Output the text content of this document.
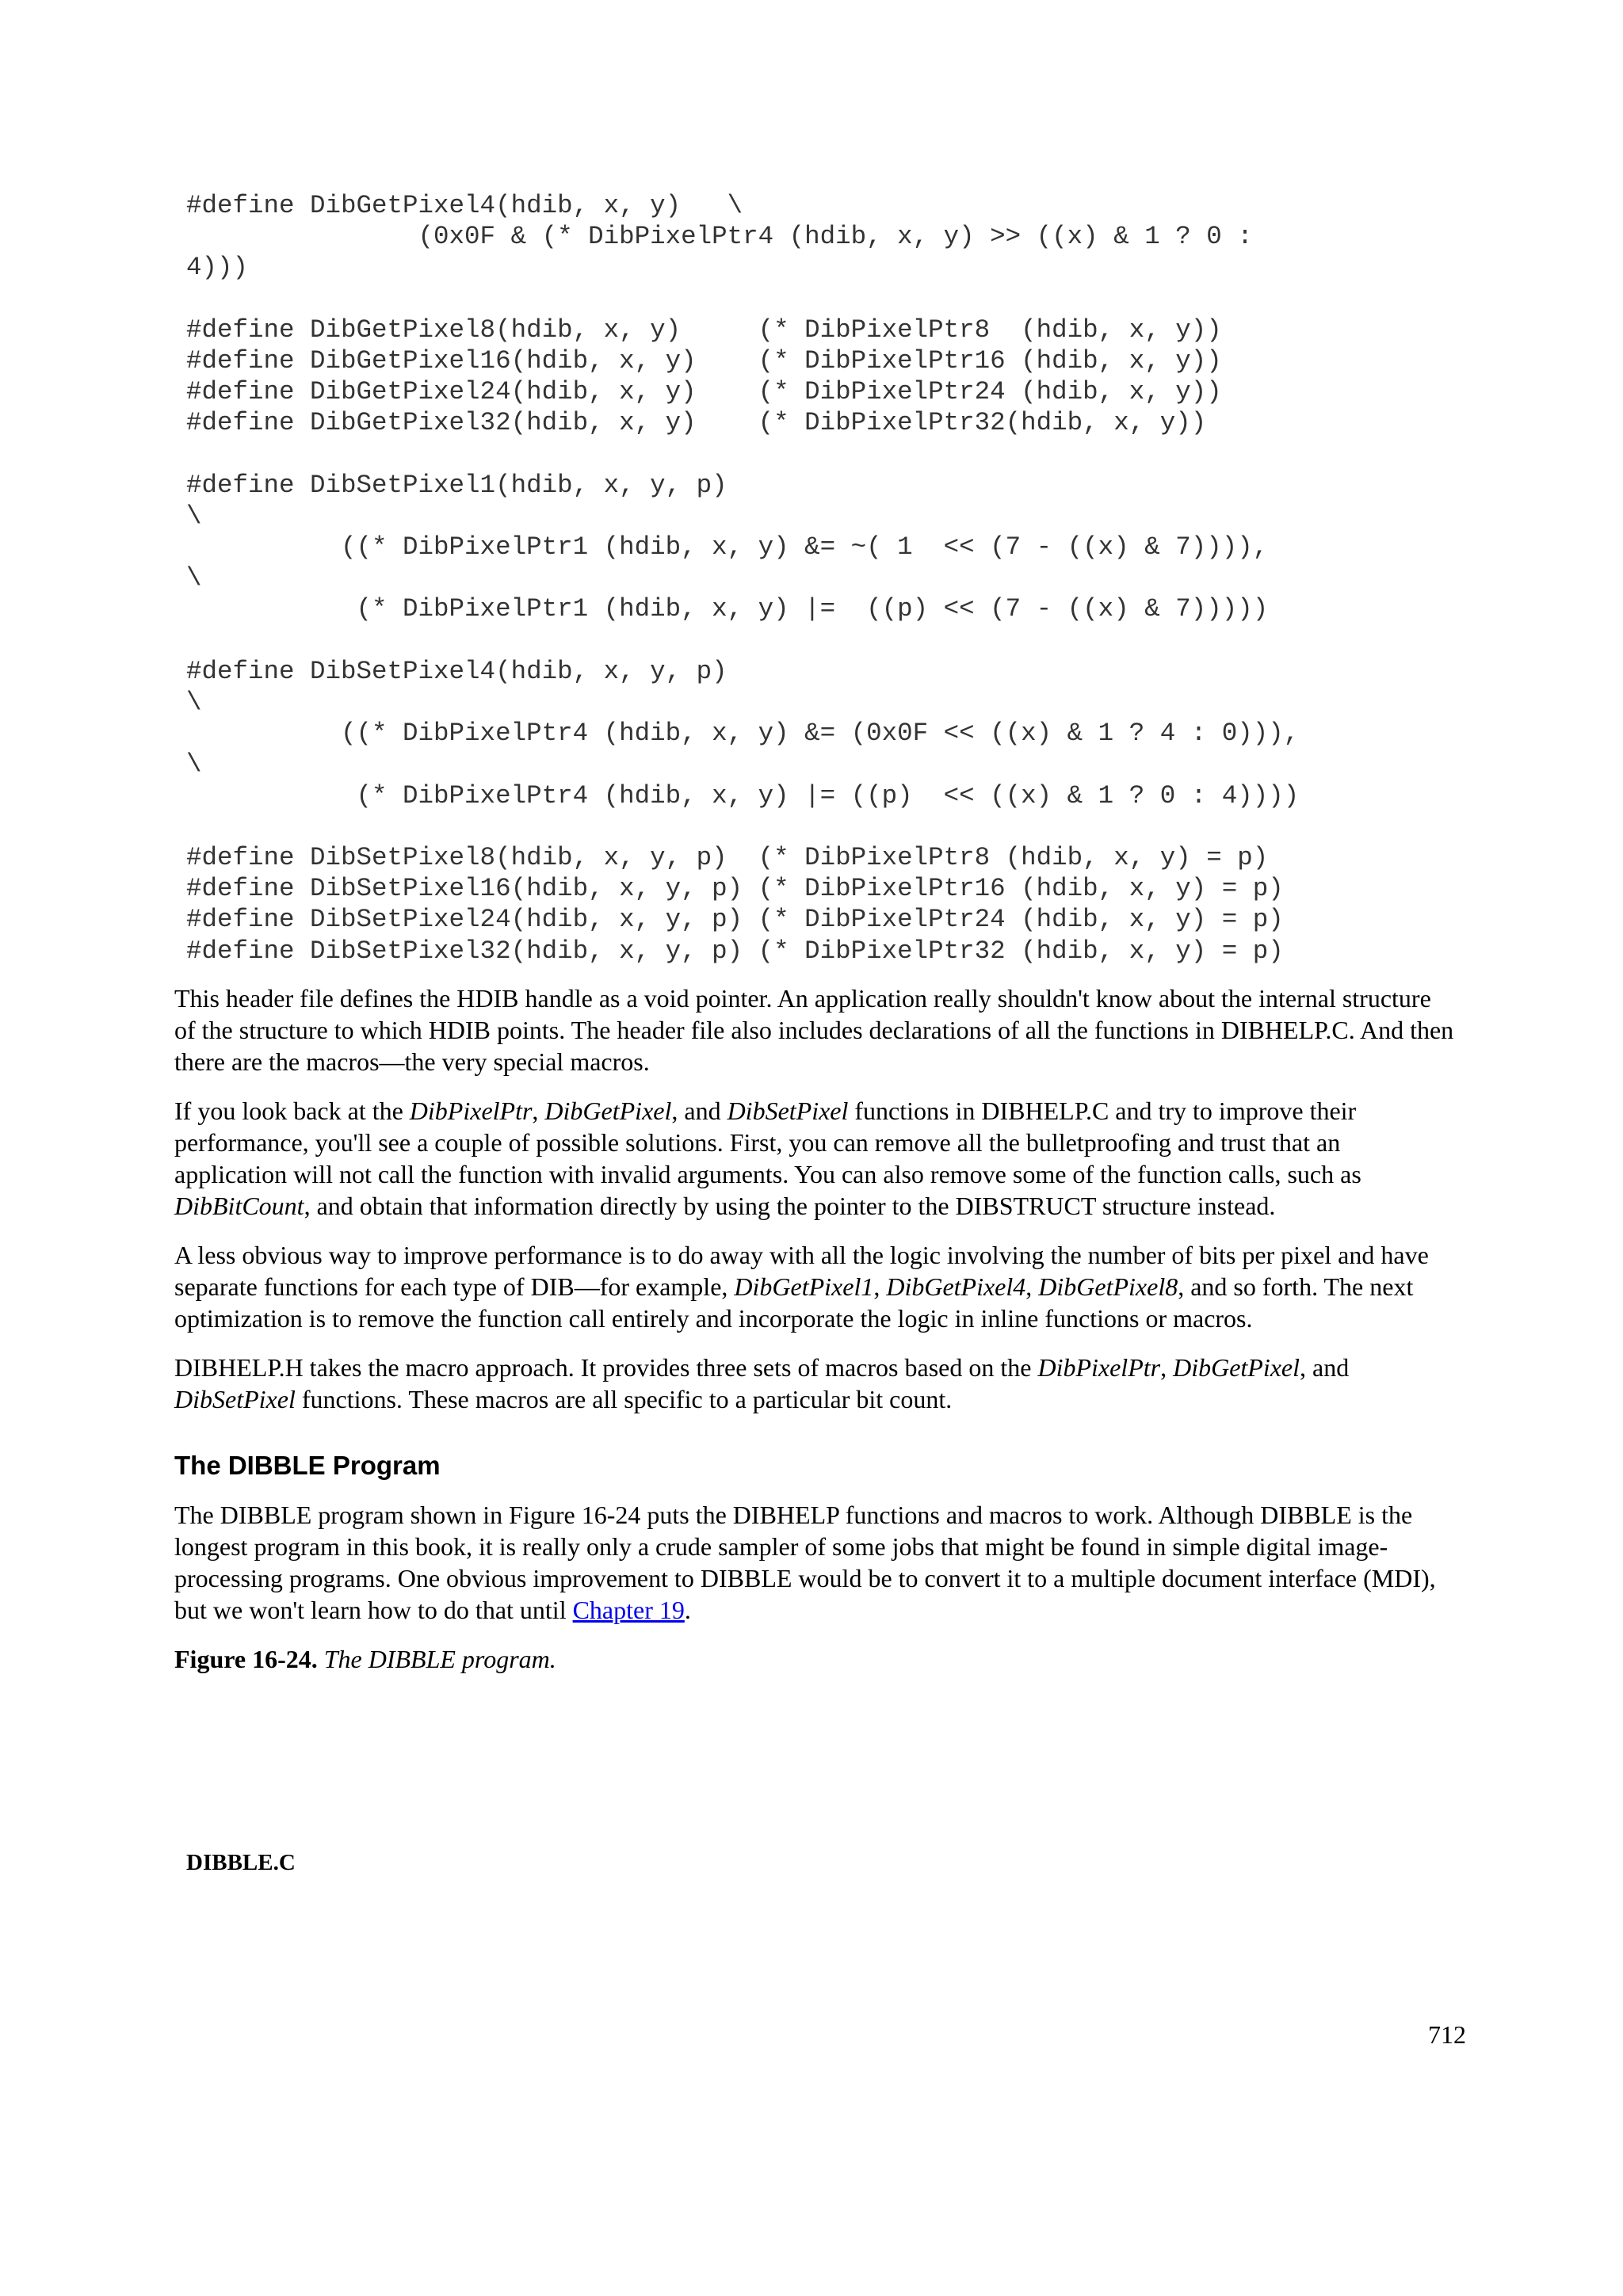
#define DibGetPixel4(hdib, x, y)   \
(0x0F & (* DibPixelPtr4 (hdib, x, y) >> ((x) & 1 ? 0 :
4)))
#define DibGetPixel8(hdib, x, y)     (* DibPixelPtr8  (hdib, x, y))
#define DibGetPixel16(hdib, x, y)    (* DibPixelPtr16 (hdib, x, y))
#define DibGetPixel24(hdib, x, y)    (* DibPixelPtr24 (hdib, x, y))
#define DibGetPixel32(hdib, x, y)    (* DibPixelPtr32(hdib, x, y))
#define DibSetPixel1(hdib, x, y, p)
\
((* DibPixelPtr1 (hdib, x, y) &= ~( 1  << (7 - ((x) & 7)))),
\
(* DibPixelPtr1 (hdib, x, y) |=  ((p) << (7 - ((x) & 7)))))
#define DibSetPixel4(hdib, x, y, p)
\
((* DibPixelPtr4 (hdib, x, y) &= (0x0F << ((x) & 1 ? 4 : 0))),
\
(* DibPixelPtr4 (hdib, x, y) |= ((p)  << ((x) & 1 ? 0 : 4))))
#define DibSetPixel8(hdib, x, y, p)  (* DibPixelPtr8 (hdib, x, y) = p)
#define DibSetPixel16(hdib, x, y, p) (* DibPixelPtr16 (hdib, x, y) = p)
#define DibSetPixel24(hdib, x, y, p) (* DibPixelPtr24 (hdib, x, y) = p)
#define DibSetPixel32(hdib, x, y, p) (* DibPixelPtr32 (hdib, x, y) = p)

This header file defines the HDIB handle as a void pointer. An application really shouldn't know about the internal structure of the structure to which HDIB points. The header file also includes declarations of all the functions in DIBHELP.C. And then there are the macros—the very special macros.

If you look back at the DibPixelPtr, DibGetPixel, and DibSetPixel functions in DIBHELP.C and try to improve their performance, you'll see a couple of possible solutions. First, you can remove all the bulletproofing and trust that an application will not call the function with invalid arguments. You can also remove some of the function calls, such as DibBitCount, and obtain that information directly by using the pointer to the DIBSTRUCT structure instead.

A less obvious way to improve performance is to do away with all the logic involving the number of bits per pixel and have separate functions for each type of DIB—for example, DibGetPixel1, DibGetPixel4, DibGetPixel8, and so forth. The next optimization is to remove the function call entirely and incorporate the logic in inline functions or macros.

DIBHELP.H takes the macro approach. It provides three sets of macros based on the DibPixelPtr, DibGetPixel, and DibSetPixel functions. These macros are all specific to a particular bit count.

The DIBBLE Program

The DIBBLE program shown in Figure 16-24 puts the DIBHELP functions and macros to work. Although DIBBLE is the longest program in this book, it is really only a crude sampler of some jobs that might be found in simple digital image-processing programs. One obvious improvement to DIBBLE would be to convert it to a multiple document interface (MDI), but we won't learn how to do that until Chapter 19.

Figure 16-24. The DIBBLE program.

DIBBLE.C
712
